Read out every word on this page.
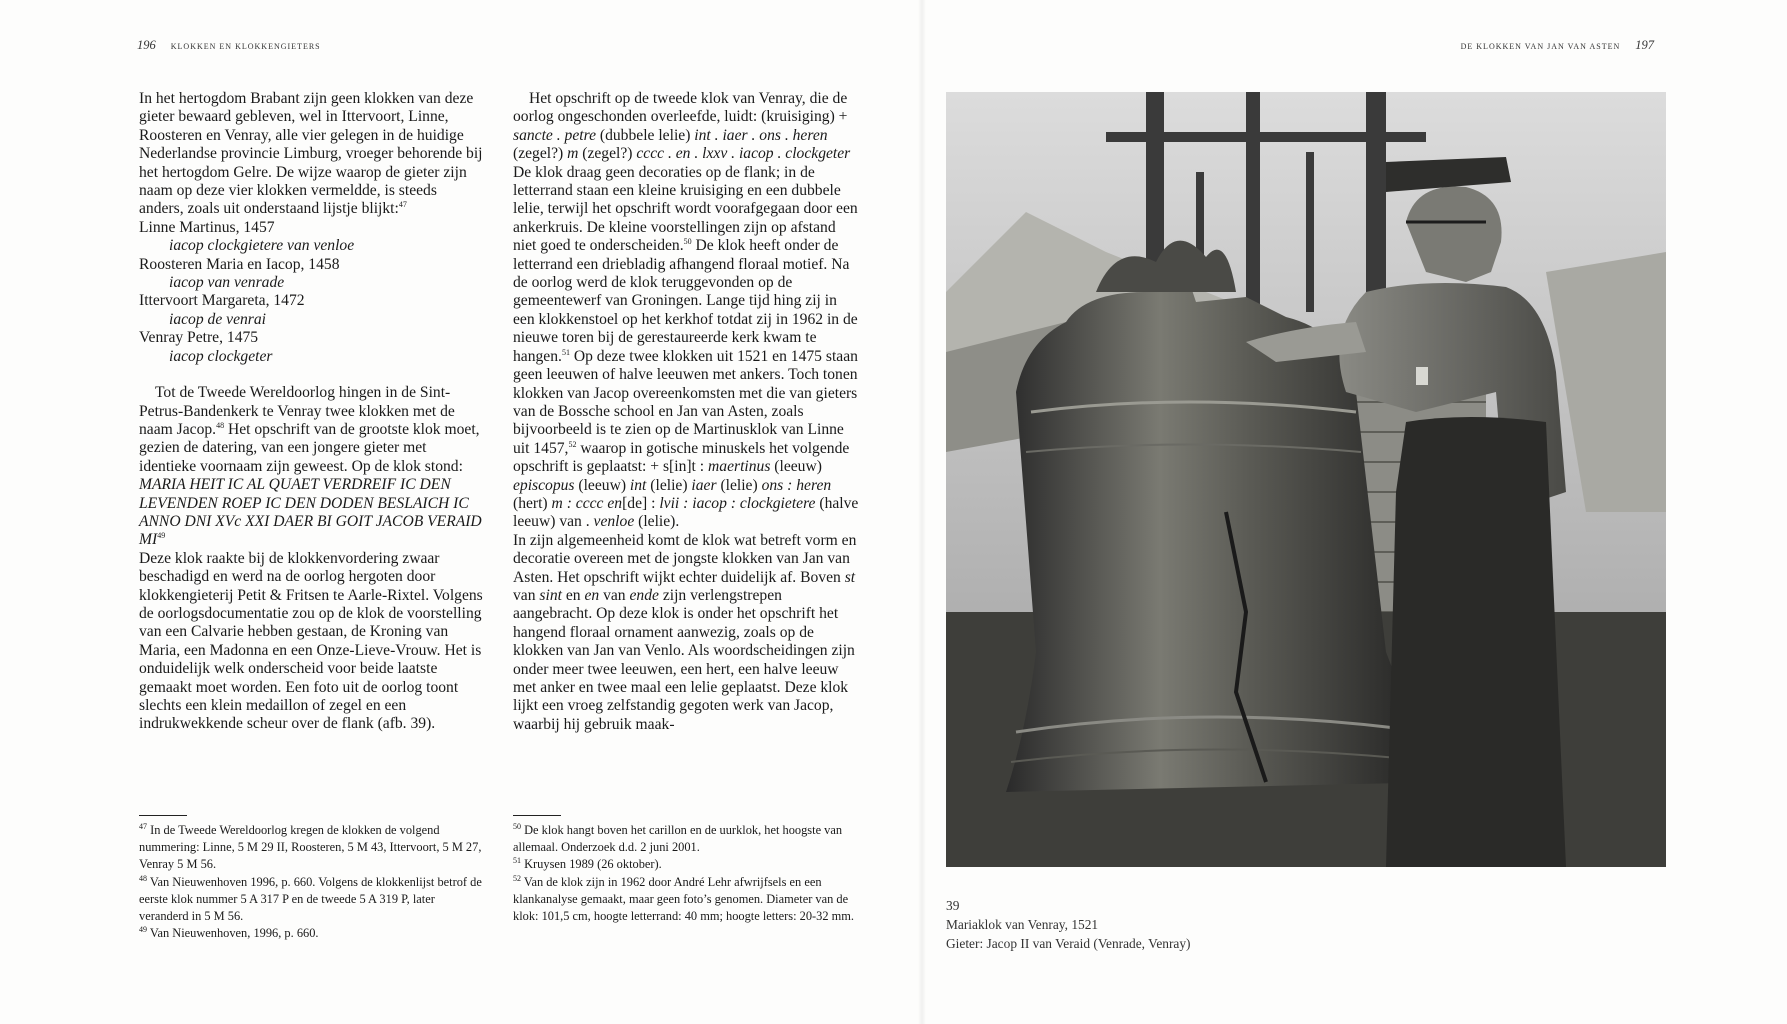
196 KLOKKEN EN KLOKKENGIETERS	DE KLOKKEN VAN JAN VAN ASTEN 197

In het hertogdom Brabant zijn geen klokken van deze gieter bewaard gebleven, wel in Ittervoort, Linne, Roosteren en Venray, alle vier gelegen in de huidige Nederlandse provincie Limburg, vroeger behorende bij het hertogdom Gelre. De wijze waarop de gieter zijn naam op deze vier klokken vermeldde, is steeds anders, zoals uit onderstaand lijstje blijkt:$^{47}$

Linne Martinus, 1457

iacop clockgietere van venloe

Roosteren Maria en Iacop, 1458

iacop van venrade

Ittervoort Margareta, 1472

iacop de venrai

Venray Petre, 1475

iacop clockgeter

Tot de Tweede Wereldoorlog hingen in de Sint-Petrus-Bandenkerk te Venray twee klokken met de naam Jacop.$^{48}$ Het opschrift van de grootste klok moet, gezien de datering, van een jongere gieter met identieke voornaam zijn geweest. Op de klok stond: MARIA HEIT IC AL QUAET VERDREIF IC DEN LEVENDEN ROEP IC DEN DODEN BESLAICH IC ANNO DNI XVc XXI DAER BI GOIT JACOB VERAID MI$^{49}$

Deze klok raakte bij de klokkenvordering zwaar beschadigd en werd na de oorlog hergoten door klokkengieterij Petit & Fritsen te Aarle-Rixtel. Volgens de oorlogsdocumentatie zou op de klok de voorstelling van een Calvarie hebben gestaan, de Kroning van Maria, een Madonna en een Onze-Lieve-Vrouw. Het is onduidelijk welk onderscheid voor beide laatste gemaakt moet worden. Een foto uit de oorlog toont slechts een klein medaillon of zegel en een indrukwekkende scheur over de flank (afb. 39).

Het opschrift op de tweede klok van Venray, die de oorlog ongeschonden overleefde, luidt: (kruisiging) + sancte . petre (dubbele lelie) int . iaer . ons . heren (zegel?) m (zegel?) cccc . en . lxxv . iacop . clockgeter

De klok draag geen decoraties op de flank; in de letterrand staan een kleine kruisiging en een dubbele lelie, terwijl het opschrift wordt voorafgegaan door een ankerkruis. De kleine voorstellingen zijn op afstand niet goed te onderscheiden.$^{50}$ De klok heeft onder de letterrand een driebladig afhangend floraal motief. Na de oorlog werd de klok teruggevonden op de gemeentewerf van Groningen. Lange tijd hing zij in een klokkenstoel op het kerkhof totdat zij in 1962 in de nieuwe toren bij de gerestaureerde kerk kwam te hangen.$^{51}$ Op deze twee klokken uit 1521 en 1475 staan geen leeuwen of halve leeuwen met ankers. Toch tonen klokken van Jacop overeenkomsten met die van gieters van de Bossche school en Jan van Asten, zoals bijvoorbeeld is te zien op de Martinusklok van Linne uit 1457,52 waarop in gotische minuskels het volgende opschrift is geplaatst: + s[in]t : maertinus (leeuw) episcopus (leeuw) int (lelie) iaer (lelie) ons : heren (hert) m : cccc en[de] : lvii : iacop : clockgietere (halve leeuw) van . venloe (lelie).

In zijn algemeenheid komt de klok wat betreft vorm en decoratie overeen met de jongste klokken van Jan van Asten. Het opschrift wijkt echter duidelijk af. Boven st van sint en en van ende zijn verlengstrepen aangebracht. Op deze klok is onder het opschrift het hangend floraal ornament aanwezig, zoals op de klokken van Jan van Venlo. Als woordscheidingen zijn onder meer twee leeuwen, een hert, een halve leeuw met anker en twee maal een lelie geplaatst. Deze klok lijkt een vroeg zelfstandig gegoten werk van Jacop, waarbij hij gebruik maak-

$^{47}$ In de Tweede Wereldoorlog kregen de klokken de volgend nummering: Linne, 5 M 29 II, Roosteren, 5 M 43, Ittervoort, 5 M 27, Venray 5 M 56.

$^{48}$ Van Nieuwenhoven 1996, p. 660. Volgens de klokkenlijst betrof de eerste klok nummer 5 A 317 P en de tweede 5 A 319 P, later veranderd in 5 M 56.

$^{49}$ Van Nieuwenhoven, 1996, p. 660.

$^{50}$ De klok hangt boven het carillon en de uurklok, het hoogste van allemaal. Onderzoek d.d. 2 juni 2001.

$^{51}$ Kruysen 1989 (26 oktober).

$^{52}$ Van de klok zijn in 1962 door André Lehr afwrijfsels en een klankanalyse gemaakt, maar geen foto’s genomen. Diameter van de klok: 101,5 cm, hoogte letterrand: 40 mm; hoogte letters: 20-32 mm.

39

Mariaklok van Venray, 1521

Gieter: Jacop II van Veraid (Venrade, Venray)
